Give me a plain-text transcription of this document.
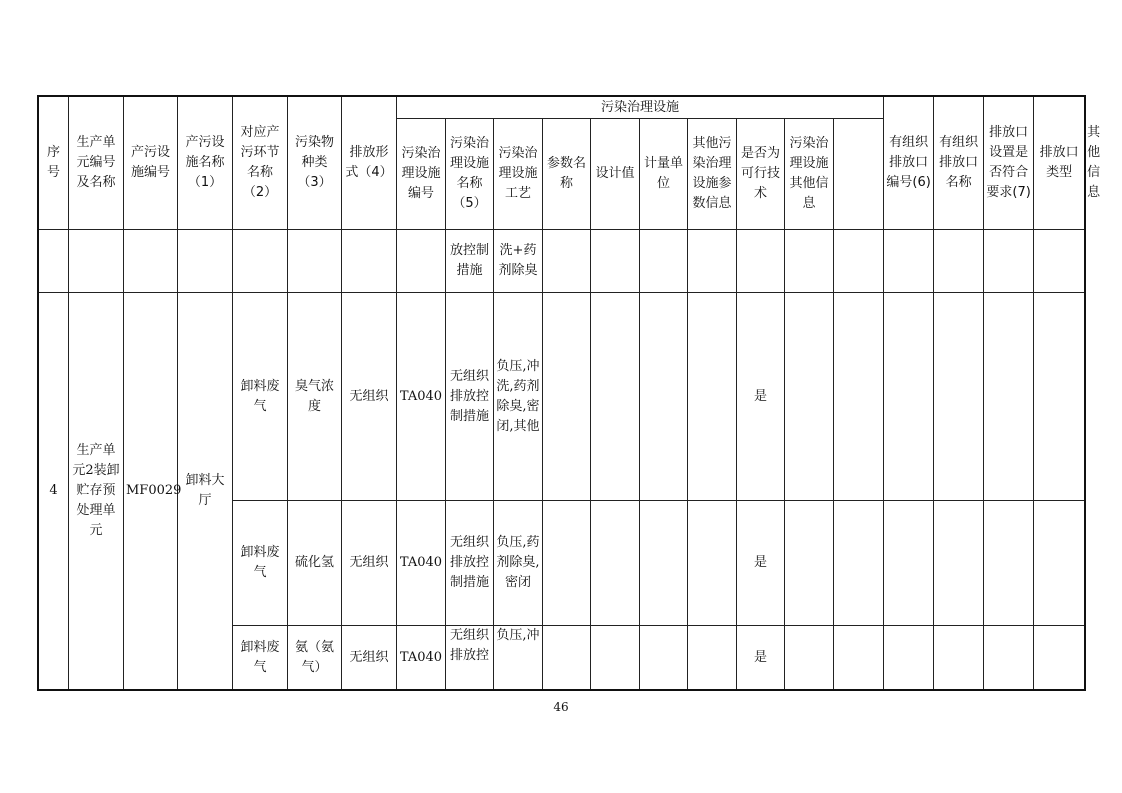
序号	生产单元编号及名称	产污设施编号	产污设施名称（1）	对应产污环节名称（2）	污染物种类（3）	排放形式（4）	污染治理设施										有组织排放口编号(6)	有组织排放口名称	排放口设置是否符合要求(7)	排放口类型	其他信息
							污染治理设施编号	污染治理设施名称（5）	污染治理设施工艺	参数名称	设计值	计量单位	其他污染治理设施参数信息	是否为可行技术	污染治理设施其他信息						
								放控制措施	洗+药剂除臭												
4	生产单元2装卸贮存预处理单元	MF0029	卸料大厅	卸料废气	臭气浓度	无组织	TA040	无组织排放控制措施	负压,冲洗,药剂除臭,密闭,其他					是							
				卸料废气	硫化氢	无组织	TA040	无组织排放控制措施	负压,药剂除臭,密闭					是							
				卸料废气	氨（氨气）	无组织	TA040	无组织排放控	负压,冲					是							
46
